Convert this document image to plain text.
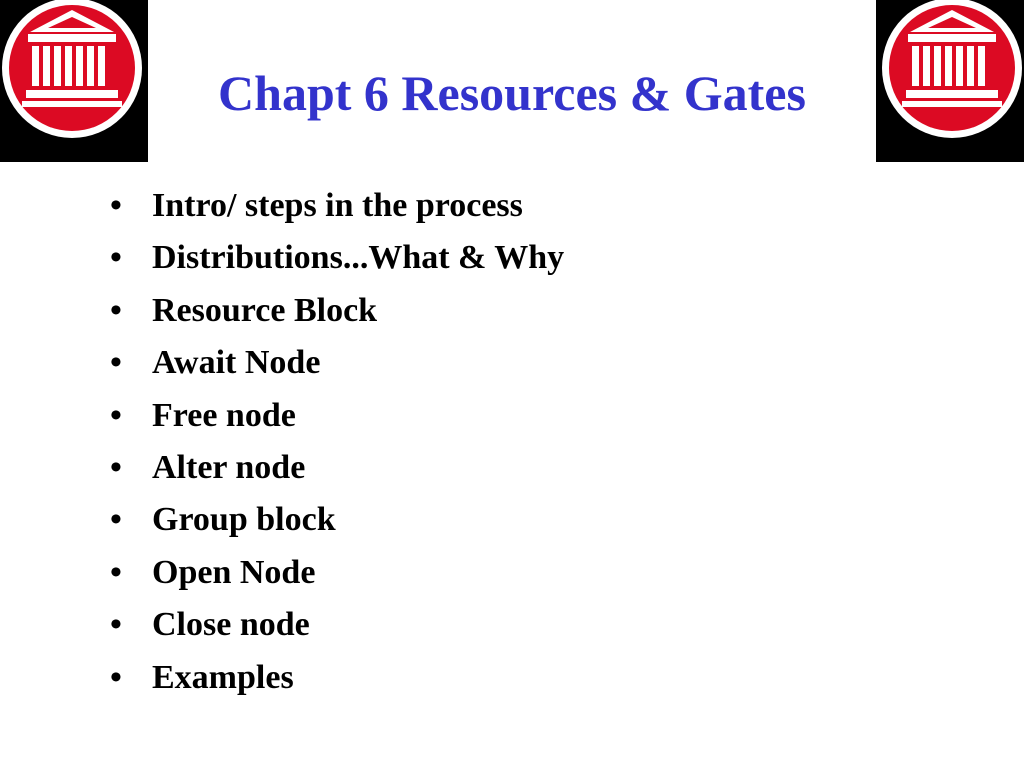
Chapt 6 Resources & Gates
• Intro/ steps in the process
• Distributions...What & Why
• Resource Block
• Await Node
• Free node
• Alter node
• Group block
• Open Node
• Close node
• Examples
